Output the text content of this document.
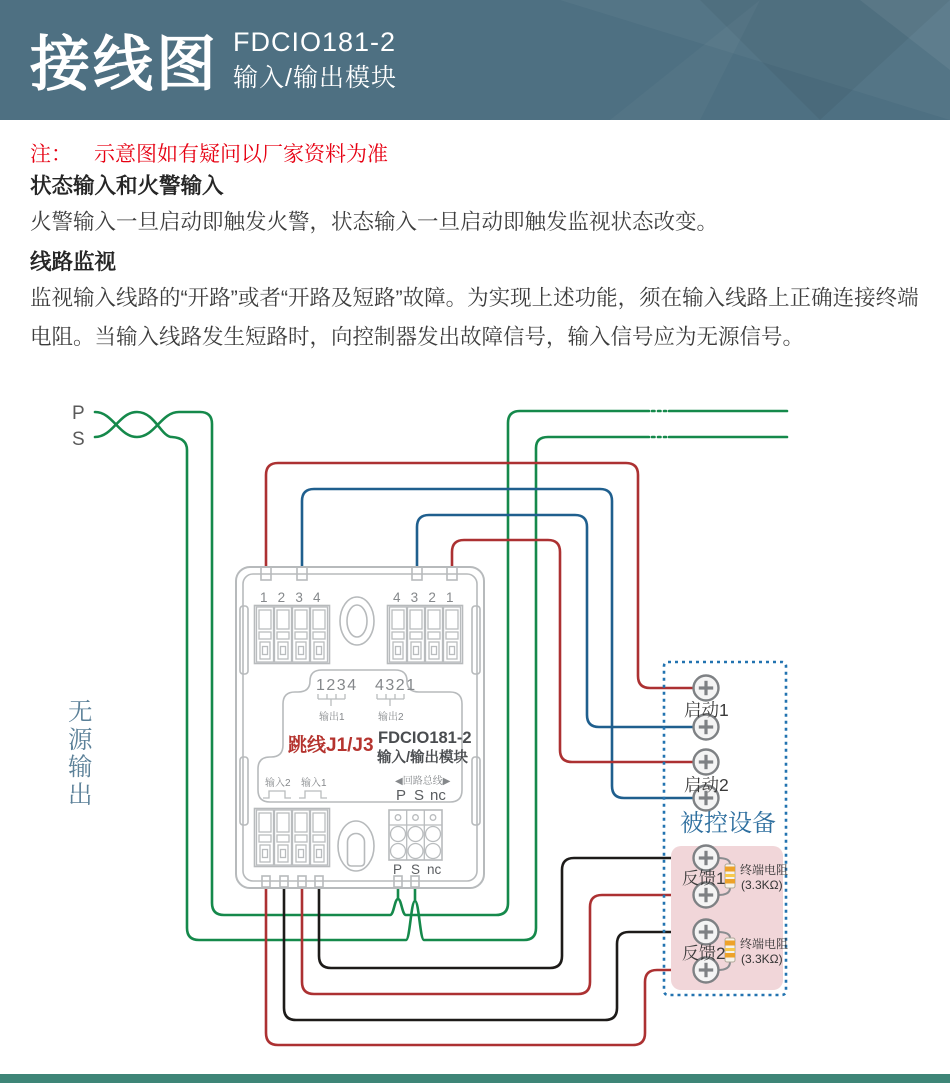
接线图 FDCIO181-2
输入/输出模块
注： 示意图如有疑问以厂家资料为准
状态输入和火警输入

火警输入一旦启动即触发火警，状态输入一旦启动即触发监视状态改变。

线路监视

监视输入线路的“开路”或者“开路及短路”故障。为实现上述功能，须在输入线路上正确连接终端电阻。当输入线路发生短路时，向控制器发出故障信号，输入信号应为无源信号。

无源输出
P
S
1 2 3 4	4 3 2 1
P S nc
1234 4321
输出1	输出2
跳线J1/J3 FDCIO181-2
输入/输出模块
输入2 输入1	◀回路总线▶
P S nc
被控设备
启动1
启动2
反馈1 终端电阻
(3.3KΩ)
反馈2 终端电阻
(3.3KΩ)
